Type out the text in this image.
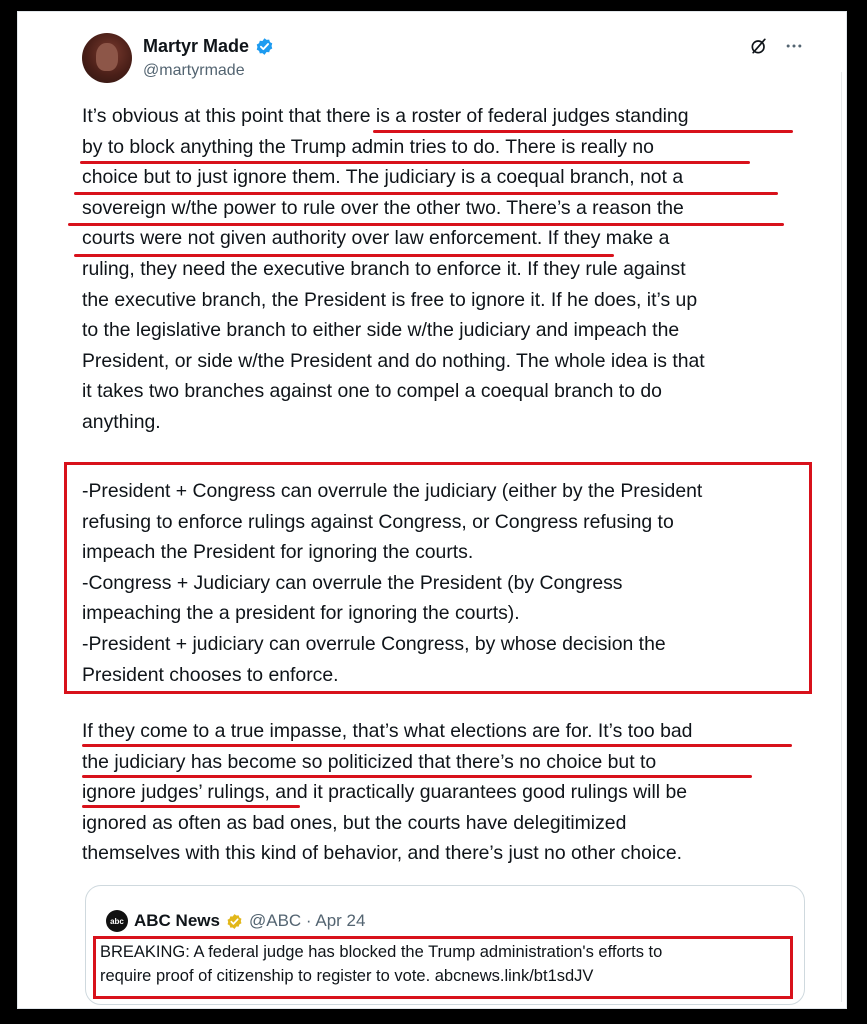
Martyr Made
@martyrmade
It’s obvious at this point that there is a roster of federal judges standing
by to block anything the Trump admin tries to do. There is really no
choice but to just ignore them. The judiciary is a coequal branch, not a
sovereign w/the power to rule over the other two. There’s a reason the
courts were not given authority over law enforcement. If they make a
ruling, they need the executive branch to enforce it. If they rule against
the executive branch, the President is free to ignore it. If he does, it’s up
to the legislative branch to either side w/the judiciary and impeach the
President, or side w/the President and do nothing. The whole idea is that
it takes two branches against one to compel a coequal branch to do
anything.
-President + Congress can overrule the judiciary (either by the President
refusing to enforce rulings against Congress, or Congress refusing to
impeach the President for ignoring the courts.
-Congress + Judiciary can overrule the President (by Congress
impeaching the a president for ignoring the courts).
-President + judiciary can overrule Congress, by whose decision the
President chooses to enforce.
If they come to a true impasse, that’s what elections are for. It’s too bad
the judiciary has become so politicized that there’s no choice but to
ignore judges’ rulings, and it practically guarantees good rulings will be
ignored as often as bad ones, but the courts have delegitimized
themselves with this kind of behavior, and there’s just no other choice.
abc ABC News @ABC · Apr 24
BREAKING: A federal judge has blocked the Trump administration's efforts to
require proof of citizenship to register to vote. abcnews.link/bt1sdJV
